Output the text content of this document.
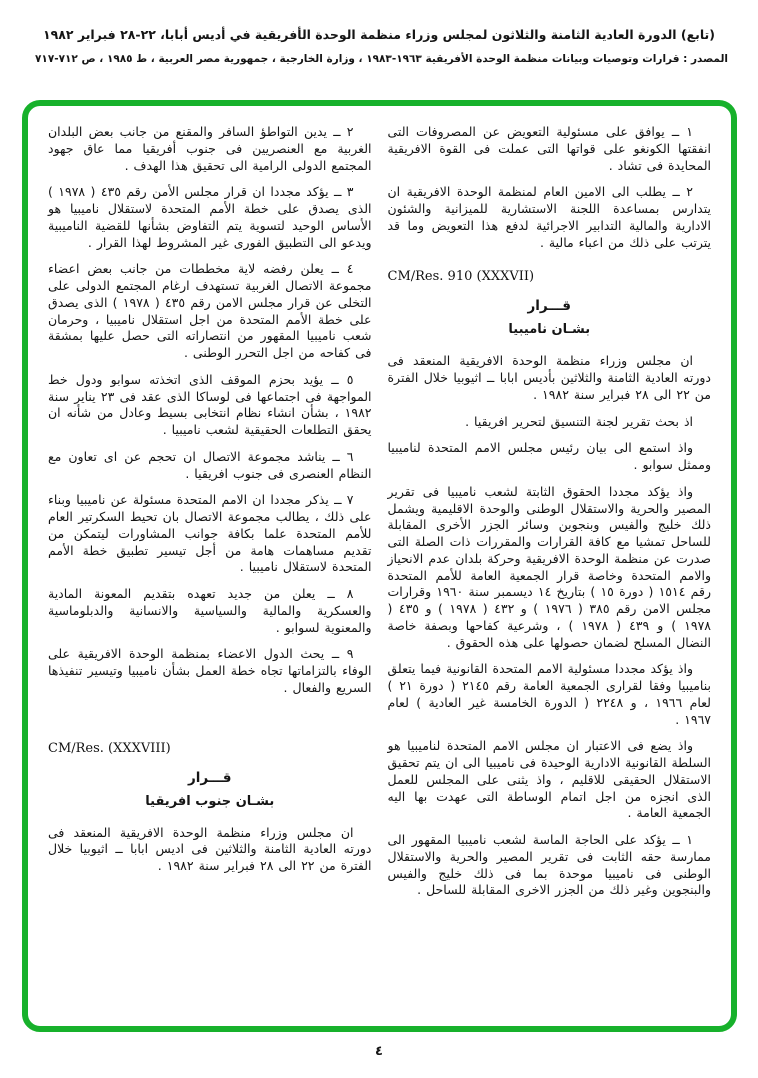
(تابع) الدورة العادية الثامنة والثلاثون لمجلس وزراء منظمة الوحدة الأفريقية في أديس أبابا، ٢٢-٢٨ فبراير ١٩٨٢
المصدر : قرارات وتوصيات وبيانات منظمة الوحدة الأفريقية ١٩٦٣-١٩٨٣ ، وزارة الخارجية ، جمهورية مصر العربية ، ط ١٩٨٥ ، ص ٧١٢-٧١٧

١ ــ يوافق على مسئولية التعويض عن المصروفات التى انفقتها الكونغو على قواتها التى عملت فى القوة الافريقية المحايدة فى تشاد .

٢ ــ يطلب الى الامين العام لمنظمة الوحدة الافريقية ان يتدارس بمساعدة اللجنة الاستشارية للميزانية والشئون الادارية والمالية التدابير الاجرائية لدفع هذا التعويض وما قد يترتب على ذلك من اعباء مالية .

CM/Res. 910 (XXXVII)
قـــرار
بشـان ناميبيا

ان مجلس وزراء منظمة الوحدة الافريقية المنعقد فى دورته العادية الثامنة والثلاثين بأديس ابابا ــ اثيوبيا خلال الفترة من ٢٢ الى ٢٨ فبراير سنة ١٩٨٢ .

اذ بحث تقرير لجنة التنسيق لتحرير افريقيا .

واذ استمع الى بيان رئيس مجلس الامم المتحدة لناميبيا وممثل سوابو .

واذ يؤكد مجددا الحقوق الثابتة لشعب ناميبيا فى تقرير المصير والحرية والاستقلال الوطنى والوحدة الاقليمية ويشمل ذلك خليج والفيس وبنجوين وسائر الجزر الأخرى المقابلة للساحل تمشيا مع كافة القرارات والمقررات ذات الصلة التى صدرت عن منظمة الوحدة الافريقية وحركة بلدان عدم الانحياز والامم المتحدة وخاصة قرار الجمعية العامة للأمم المتحدة رقم ١٥١٤ ( دورة ١٥ ) بتاريخ ١٤ ديسمبر سنة ١٩٦٠ وقرارات مجلس الامن رقم ٣٨٥ ( ١٩٧٦ ) و ٤٣٢ ( ١٩٧٨ ) و ٤٣٥ ( ١٩٧٨ ) و ٤٣٩ ( ١٩٧٨ ) ، وشرعية كفاحها وبصفة خاصة النضال المسلح لضمان حصولها على هذه الحقوق .

واذ يؤكد مجددا مسئولية الامم المتحدة القانونية فيما يتعلق بناميبيا وفقا لقرارى الجمعية العامة رقم ٢١٤٥ ( دورة ٢١ ) لعام ١٩٦٦ ، و ٢٢٤٨ ( الدورة الخامسة غير العادية ) لعام ١٩٦٧ .

واذ يضع فى الاعتبار ان مجلس الامم المتحدة لناميبيا هو السلطة القانونية الادارية الوحيدة فى ناميبيا الى ان يتم تحقيق الاستقلال الحقيقى للاقليم ، واذ يثنى على المجلس للعمل الذى انجزه من اجل اتمام الوساطة التى عهدت بها اليه الجمعية العامة .

١ ــ يؤكد على الحاجة الماسة لشعب ناميبيا المقهور الى ممارسة حقه الثابت فى تقرير المصير والحرية والاستقلال الوطنى فى ناميبيا موحدة بما فى ذلك خليج والفيس والبنجوين وغير ذلك من الجزر الاخرى المقابلة للساحل .

٢ ــ يدين التواطؤ السافر والمقنع من جانب بعض البلدان الغربية مع العنصريين فى جنوب أفريقيا مما عاق جهود المجتمع الدولى الرامية الى تحقيق هذا الهدف .

٣ ــ يؤكد مجددا ان قرار مجلس الأمن رقم ٤٣٥ ( ١٩٧٨ ) الذى يصدق على خطة الأمم المتحدة لاستقلال ناميبيا هو الأساس الوحيد لتسوية يتم التفاوض بشأنها للقضية الناميبية ويدعو الى التطبيق الفورى غير المشروط لهذا القرار .

٤ ــ يعلن رفضه لاية مخططات من جانب بعض اعضاء مجموعة الاتصال الغربية تستهدف ارغام المجتمع الدولى على التخلى عن قرار مجلس الامن رقم ٤٣٥ ( ١٩٧٨ ) الذى يصدق على خطة الأمم المتحدة من اجل استقلال ناميبيا ، وحرمان شعب ناميبيا المقهور من انتصاراته التى حصل عليها بمشقة فى كفاحه من اجل التحرر الوطنى .

٥ ــ يؤيد بحزم الموقف الذى اتخذته سوابو ودول خط المواجهة فى اجتماعها فى لوساكا الذى عقد فى ٢٣ يناير سنة ١٩٨٢ ، بشأن انشاء نظام انتخابى بسيط وعادل من شأنه ان يحقق التطلعات الحقيقية لشعب ناميبيا .

٦ ــ يناشد مجموعة الاتصال ان تحجم عن اى تعاون مع النظام العنصرى فى جنوب افريقيا .

٧ ــ يذكر مجددا ان الامم المتحدة مسئولة عن ناميبيا وبناء على ذلك ، يطالب مجموعة الاتصال بان تحيط السكرتير العام للأمم المتحدة علما بكافة جوانب المشاورات ليتمكن من تقديم مساهمات هامة من أجل تيسير تطبيق خطة الأمم المتحدة لاستقلال ناميبيا .

٨ ــ يعلن من جديد تعهده بتقديم المعونة المادية والعسكرية والمالية والسياسية والانسانية والدبلوماسية والمعنوية لسوابو .

٩ ــ يحث الدول الاعضاء بمنظمة الوحدة الافريقية على الوفاء بالتزاماتها تجاه خطة العمل بشأن ناميبيا وتيسير تنفيذها السريع والفعال .

CM/Res. (XXXVIII)
قـــرار
بشـان جنوب افريقيا

ان مجلس وزراء منظمة الوحدة الافريقية المنعقد فى دورته العادية الثامنة والثلاثين فى اديس ابابا ــ اثيوبيا خلال الفترة من ٢٢ الى ٢٨ فبراير سنة ١٩٨٢ .

٤
